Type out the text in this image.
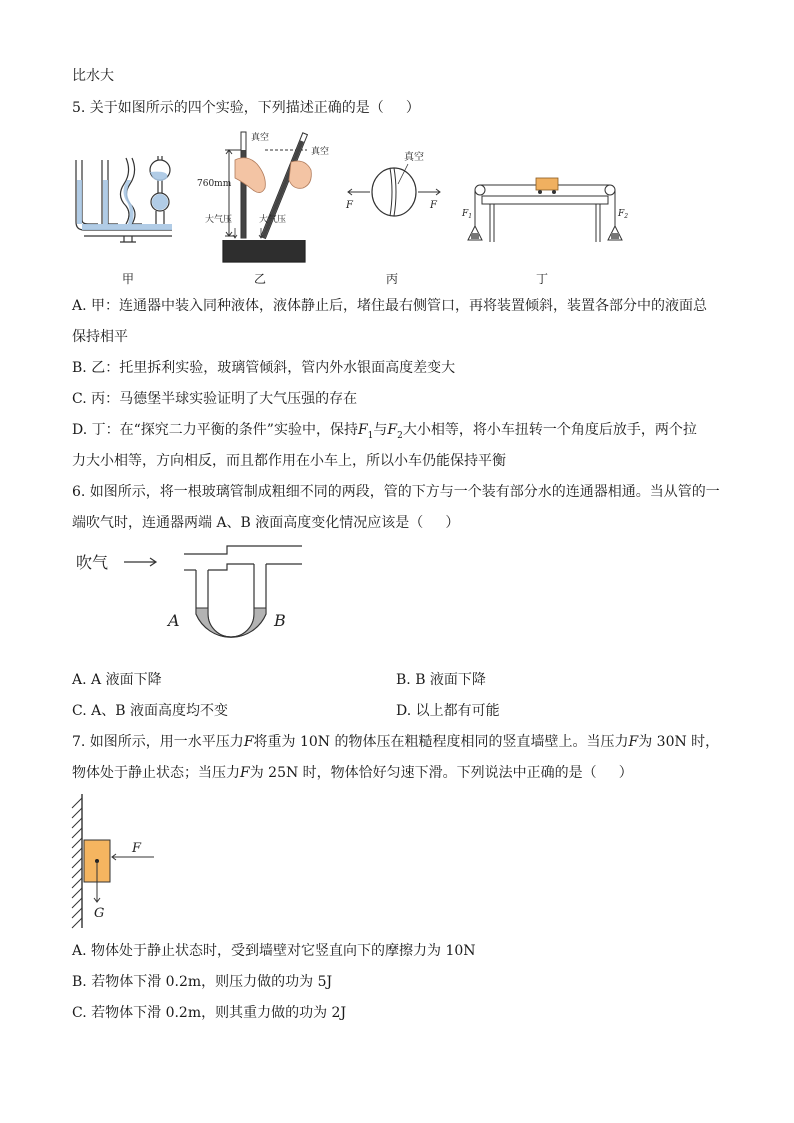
比水大
5. 关于如图所示的四个实验，下列描述正确的是（ ）
760mm
真空
真空
大气压	大气压
真空
F	F
$F_1$	$F_2$
甲	乙	丙	丁
A. 甲：连通器中装入同种液体，液体静止后，堵住最右侧管口，再将装置倾斜，装置各部分中的液面总
保持相平
B. 乙：托里拆利实验，玻璃管倾斜，管内外水银面高度差变大
C. 丙：马德堡半球实验证明了大气压强的存在
D. 丁：在“探究二力平衡的条件”实验中，保持$F_1$与$F_2$大小相等，将小车扭转一个角度后放手，两个拉
力大小相等，方向相反，而且都作用在小车上，所以小车仍能保持平衡
6. 如图所示，将一根玻璃管制成粗细不同的两段，管的下方与一个装有部分水的连通器相通。当从管的一
端吹气时，连通器两端 A、B 液面高度变化情况应该是（ ）
吹气
A	B
A. A 液面下降	B. B 液面下降
C. A、B 液面高度均不变	D. 以上都有可能
7. 如图所示，用一水平压力F将重为 10N 的物体压在粗糙程度相同的竖直墙壁上。当压力F为 30N 时，
物体处于静止状态；当压力F为 25N 时，物体恰好匀速下滑。下列说法中正确的是（ ）
F
G
A. 物体处于静止状态时，受到墙壁对它竖直向下的摩擦力为 10N
B. 若物体下滑 0.2m，则压力做的功为 5J
C. 若物体下滑 0.2m，则其重力做的功为 2J
